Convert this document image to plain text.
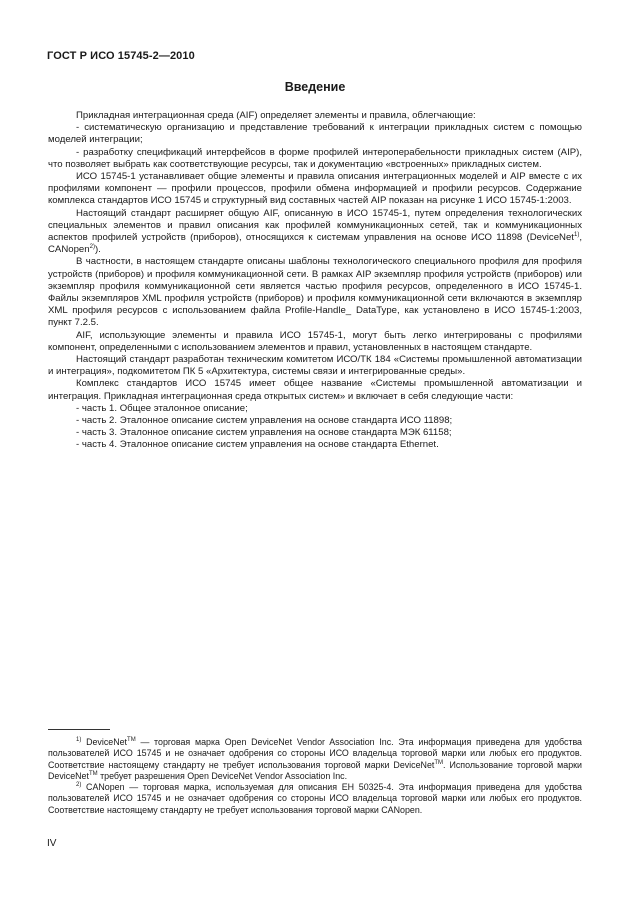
ГОСТ Р ИСО 15745-2—2010
Введение

Прикладная интеграционная среда (AIF) определяет элементы и правила, облегчающие:

- систематическую организацию и представление требований к интеграции прикладных систем с помощью моделей интеграции;

- разработку спецификаций интерфейсов в форме профилей интероперабельности прикладных систем (AIP), что позволяет выбрать как соответствующие ресурсы, так и документацию «встроенных» прикладных систем.

ИСО 15745-1 устанавливает общие элементы и правила описания интеграционных моделей и AIP вместе с их профилями компонент — профили процессов, профили обмена информацией и профили ресурсов. Содержание комплекса стандартов ИСО 15745 и структурный вид составных частей AIP показан на рисунке 1 ИСО 15745-1:2003.

Настоящий стандарт расширяет общую AIF, описанную в ИСО 15745-1, путем определения технологических специальных элементов и правил описания как профилей коммуникационных сетей, так и коммуникационных аспектов профилей устройств (приборов), относящихся к системам управления на основе ИСО 11898 (DeviceNet$^{1)}$, CANopen$^{2)}$).

В частности, в настоящем стандарте описаны шаблоны технологического специального профиля для профиля устройств (приборов) и профиля коммуникационной сети. В рамках AIP экземпляр профиля устройств (приборов) или экземпляр профиля коммуникационной сети является частью профиля ресурсов, определенного в ИСО 15745-1. Файлы экземпляров XML профиля устройств (приборов) и профиля коммуникационной сети включаются в экземпляр XML профиля ресурсов с использованием файла Profile-Handle_ DataType, как установлено в ИСО 15745-1:2003, пункт 7.2.5.

AIF, использующие элементы и правила ИСО 15745-1, могут быть легко интегрированы с профилями компонент, определенными с использованием элементов и правил, установленных в настоящем стандарте.

Настоящий стандарт разработан техническим комитетом ИСО/ТК 184 «Системы промышленной автоматизации и интеграция», подкомитетом ПК 5 «Архитектура, системы связи и интегрированные среды».

Комплекс стандартов ИСО 15745 имеет общее название «Системы промышленной автоматизации и интеграция. Прикладная интеграционная среда открытых систем» и включает в себя следующие части:

- часть 1. Общее эталонное описание;

- часть 2. Эталонное описание систем управления на основе стандарта ИСО 11898;

- часть 3. Эталонное описание систем управления на основе стандарта МЭК 61158;

- часть 4. Эталонное описание систем управления на основе стандарта Ethernet.

$^{1)}$ DeviceNet™ — торговая марка Open DeviceNet Vendor Association Inc. Эта информация приведена для удобства пользователей ИСО 15745 и не означает одобрения со стороны ИСО владельца торговой марки или любых его продуктов. Соответствие настоящему стандарту не требует использования торговой марки DeviceNet™. Использование торговой марки DeviceNet™ требует разрешения Open DeviceNet Vendor Association Inc.

$^{2)}$ CANopen — торговая марка, используемая для описания ЕН 50325-4. Эта информация приведена для удобства пользователей ИСО 15745 и не означает одобрения со стороны ИСО владельца торговой марки или любых его продуктов. Соответствие настоящему стандарту не требует использования торговой марки CANopen.

IV
